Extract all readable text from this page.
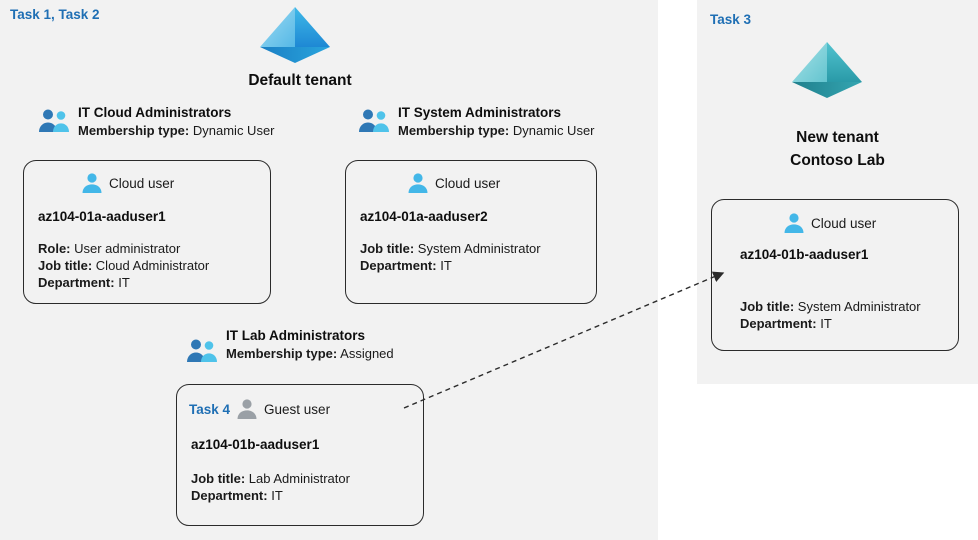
Task 1, Task 2	Task 3
Default tenant
New tenant
Contoso Lab
IT Cloud Administrators
Membership type: Dynamic User
Cloud user
az104-01a-aaduser1
Role: User administrator
Job title: Cloud Administrator
Department: IT
IT System Administrators
Membership type: Dynamic User
Cloud user
az104-01a-aaduser2
Job title: System Administrator
Department: IT
IT Lab Administrators
Membership type: Assigned
Task 4	Guest user
az104-01b-aaduser1
Job title: Lab Administrator
Department: IT
Cloud user
az104-01b-aaduser1
Job title: System Administrator
Department: IT
